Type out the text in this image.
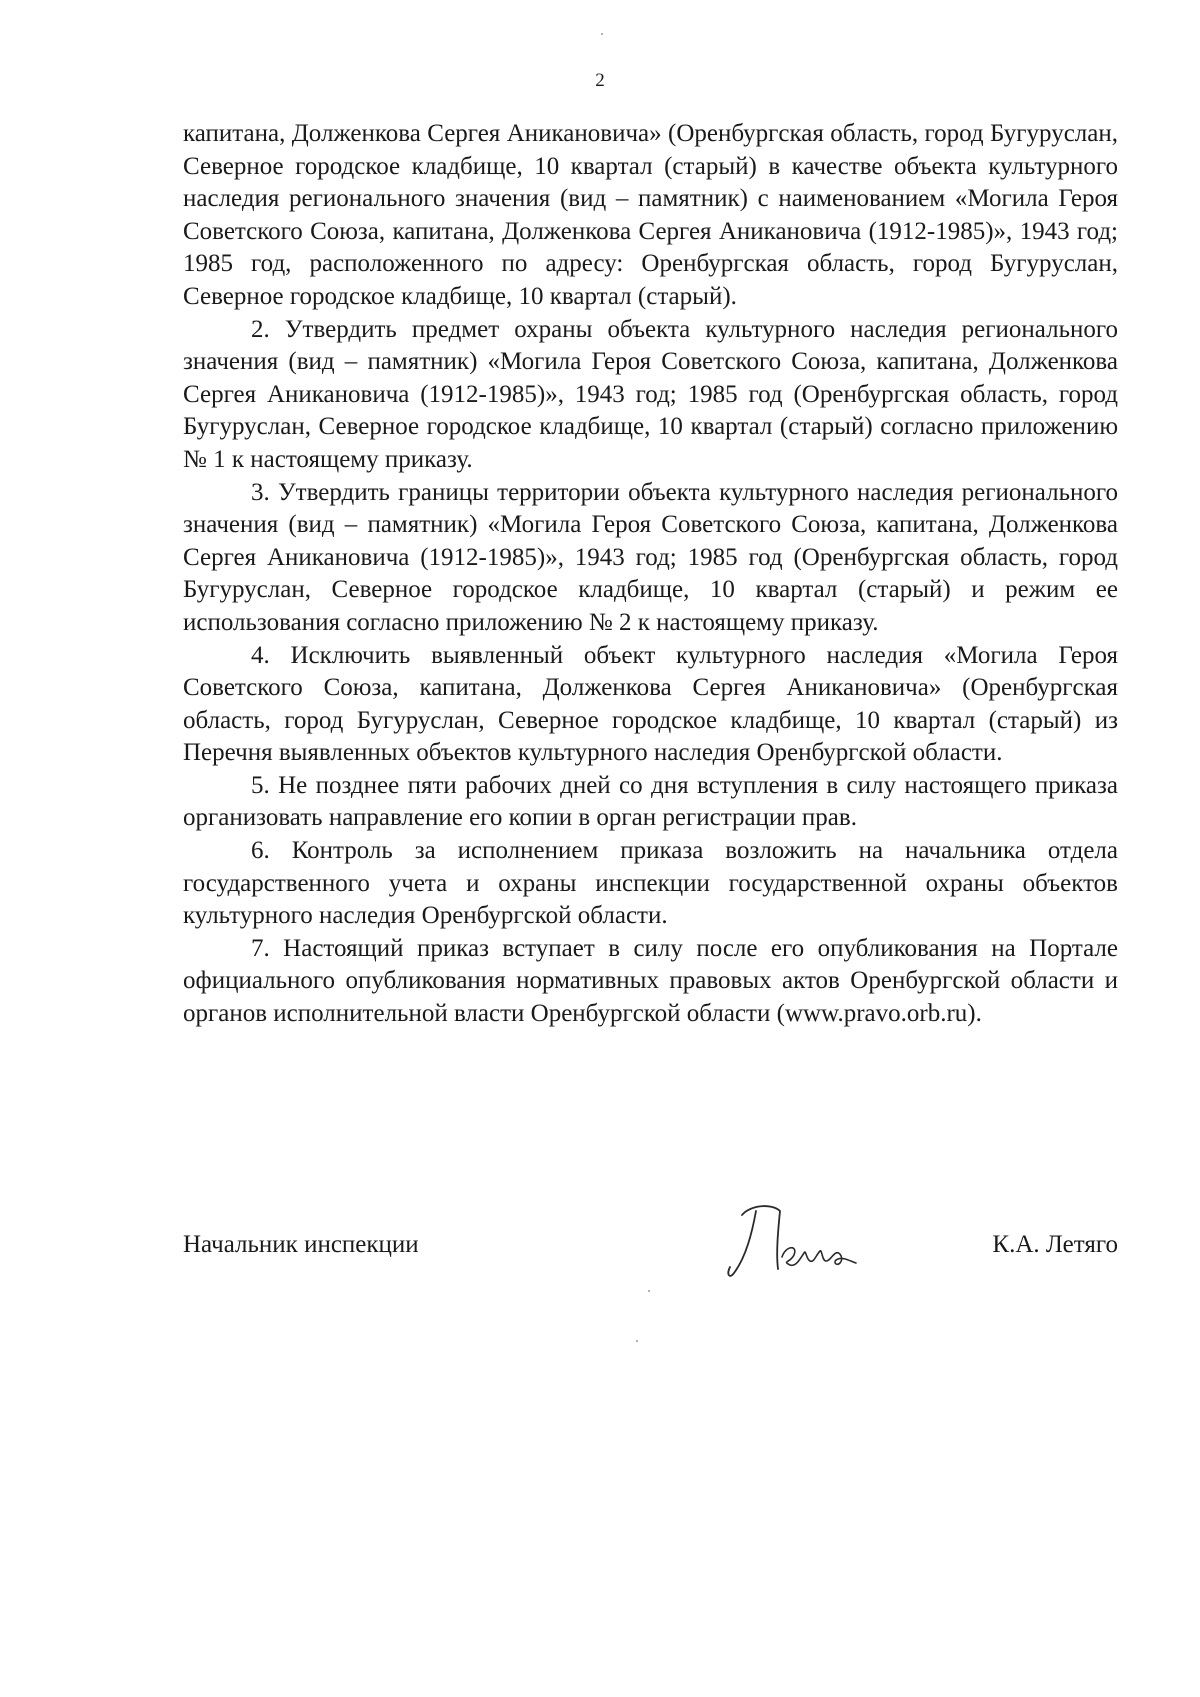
2

капитана, Долженкова Сергея Аникановича» (Оренбургская область, город Бугуруслан, Северное городское кладбище, 10 квартал (старый) в качестве объекта культурного наследия регионального значения (вид – памятник) с наименованием «Могила Героя Советского Союза, капитана, Долженкова Сергея Аникановича (1912-1985)», 1943 год; 1985 год, расположенного по адресу: Оренбургская область, город Бугуруслан, Северное городское кладбище, 10 квартал (старый).

2. Утвердить предмет охраны объекта культурного наследия регионального значения (вид – памятник) «Могила Героя Советского Союза, капитана, Долженкова Сергея Аникановича (1912-1985)», 1943 год; 1985 год (Оренбургская область, город Бугуруслан, Северное городское кладбище, 10 квартал (старый) согласно приложению № 1 к настоящему приказу.

3. Утвердить границы территории объекта культурного наследия регионального значения (вид – памятник) «Могила Героя Советского Союза, капитана, Долженкова Сергея Аникановича (1912-1985)», 1943 год; 1985 год (Оренбургская область, город Бугуруслан, Северное городское кладбище, 10 квартал (старый) и режим ее использования согласно приложению № 2 к настоящему приказу.

4. Исключить выявленный объект культурного наследия «Могила Героя Советского Союза, капитана, Долженкова Сергея Аникановича» (Оренбургская область, город Бугуруслан, Северное городское кладбище, 10 квартал (старый) из Перечня выявленных объектов культурного наследия Оренбургской области.

5. Не позднее пяти рабочих дней со дня вступления в силу настоящего приказа организовать направление его копии в орган регистрации прав.

6. Контроль за исполнением приказа возложить на начальника отдела государственного учета и охраны инспекции государственной охраны объектов культурного наследия Оренбургской области.

7. Настоящий приказ вступает в силу после его опубликования на Портале официального опубликования нормативных правовых актов Оренбургской области и органов исполнительной власти Оренбургской области (www.pravo.orb.ru).

Начальник инспекции	К.А. Летяго
